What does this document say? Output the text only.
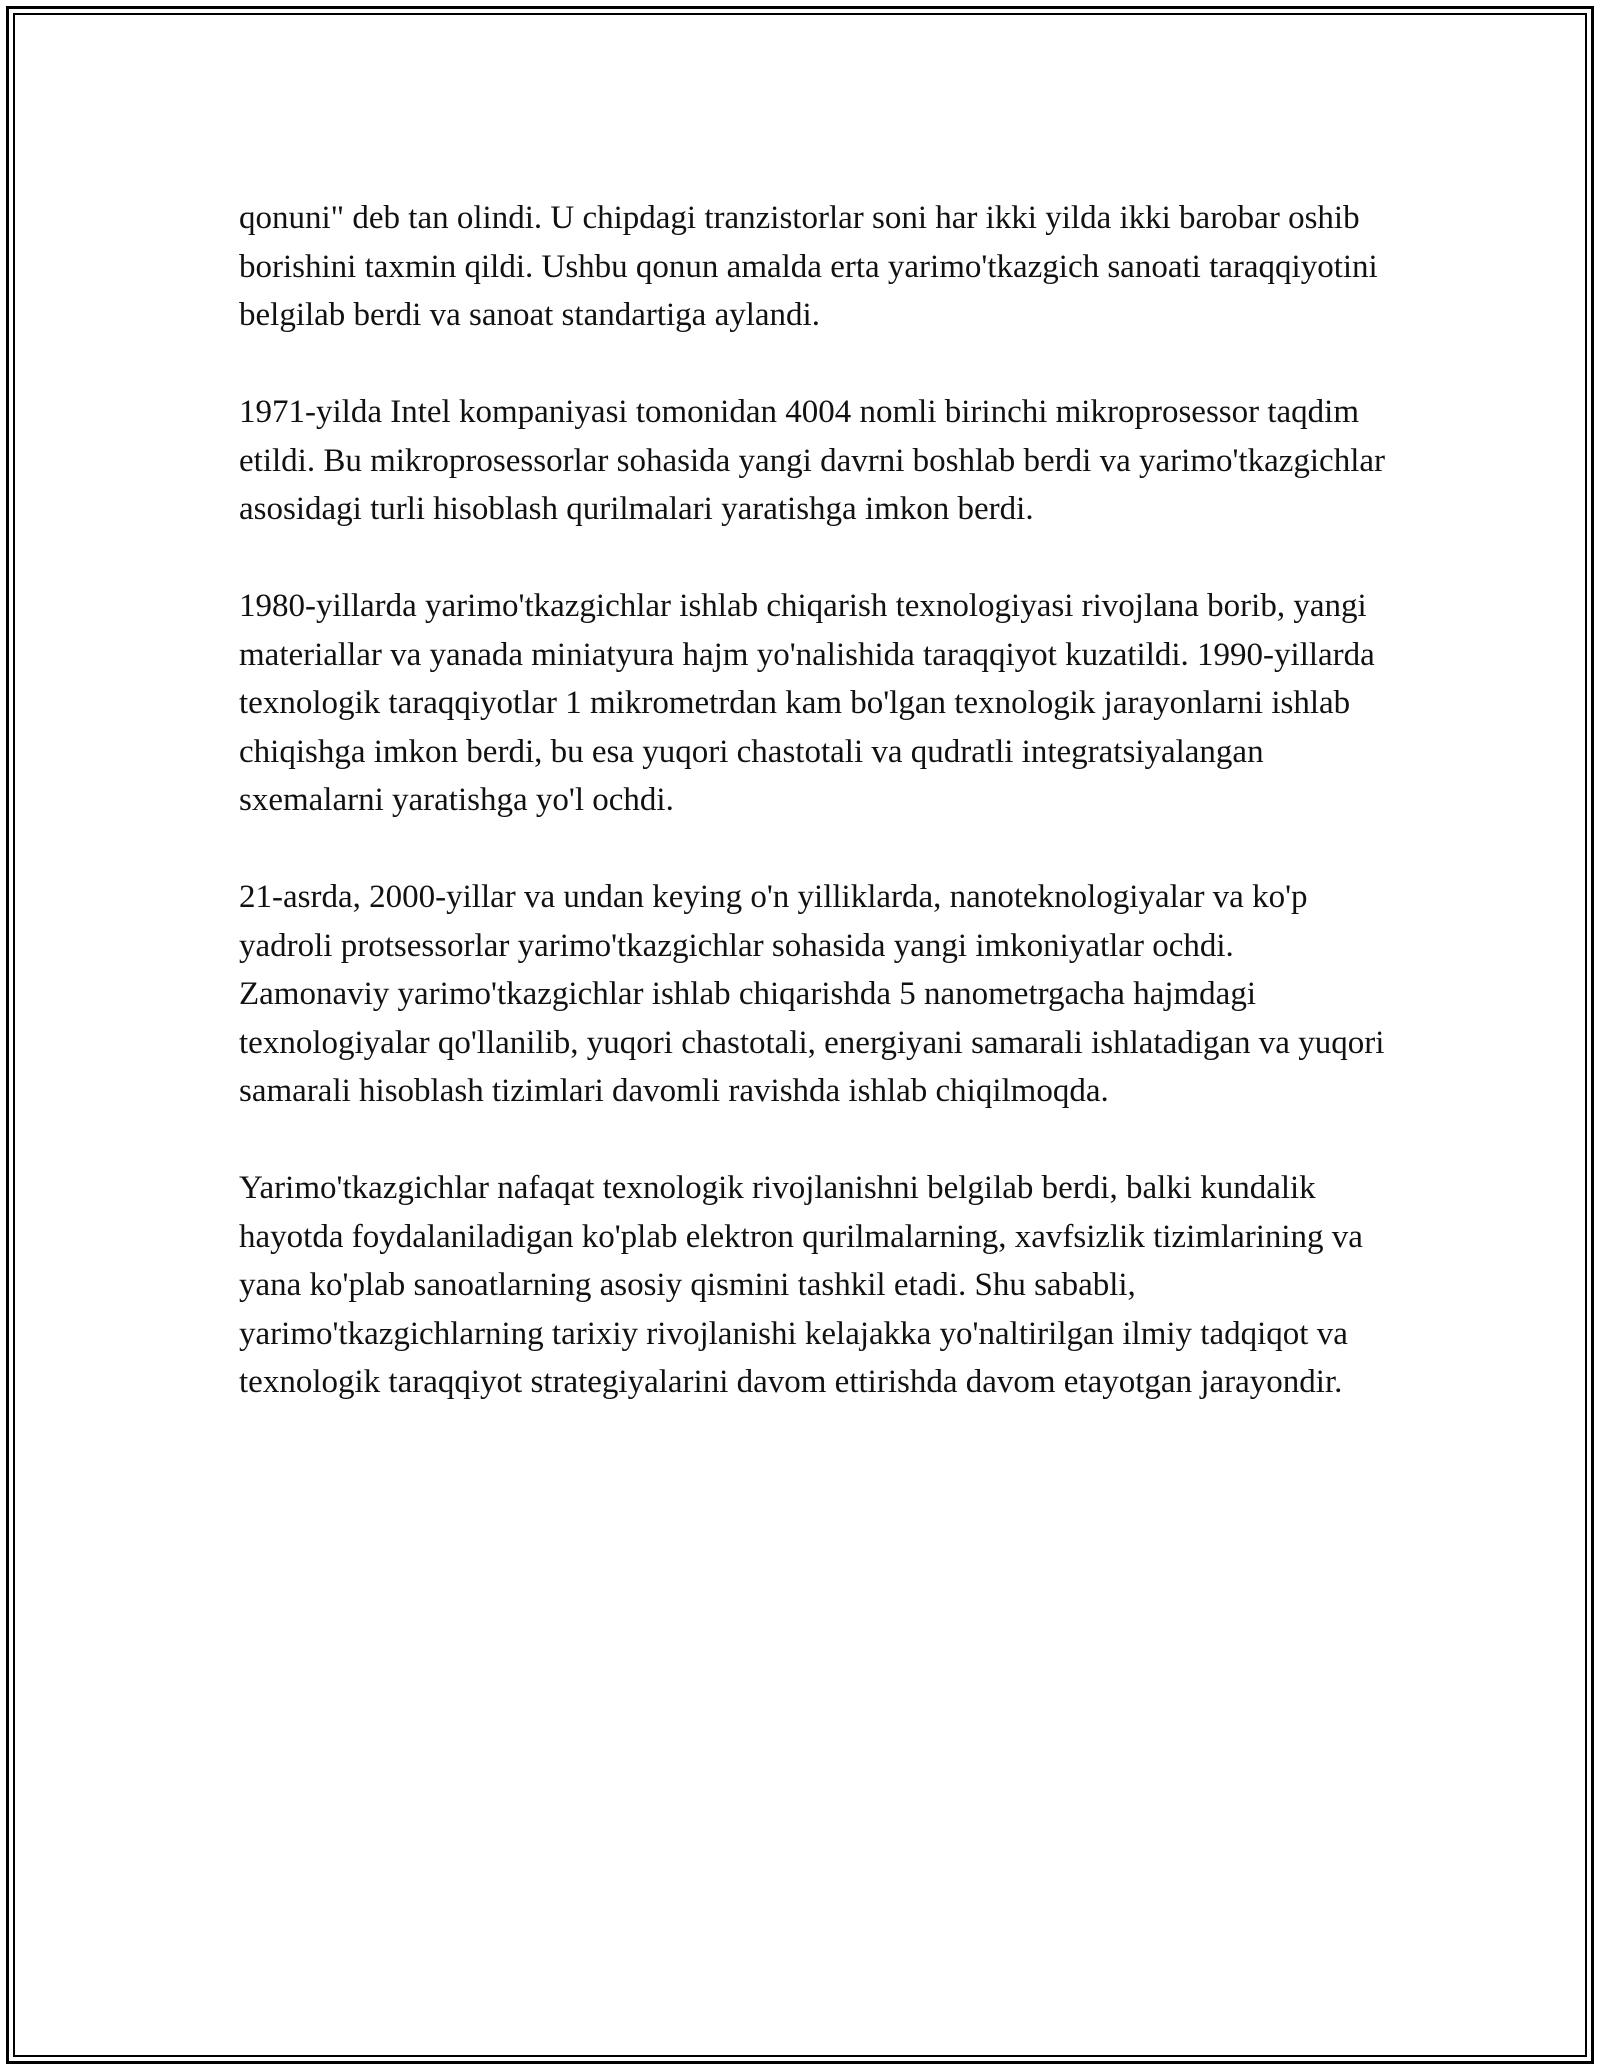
qonuni" deb tan olindi. U chipdagi tranzistorlar soni har ikki yilda ikki barobar oshib borishini taxmin qildi. Ushbu qonun amalda erta yarimo'tkazgich sanoati taraqqiyotini belgilab berdi va sanoat standartiga aylandi.

1971-yilda Intel kompaniyasi tomonidan 4004 nomli birinchi mikroprosessor taqdim etildi. Bu mikroprosessorlar sohasida yangi davrni boshlab berdi va yarimo'tkazgichlar asosidagi turli hisoblash qurilmalari yaratishga imkon berdi.

1980-yillarda yarimo'tkazgichlar ishlab chiqarish texnologiyasi rivojlana borib, yangi materiallar va yanada miniatyura hajm yo'nalishida taraqqiyot kuzatildi. 1990-yillarda texnologik taraqqiyotlar 1 mikrometrdan kam bo'lgan texnologik jarayonlarni ishlab chiqishga imkon berdi, bu esa yuqori chastotali va qudratli integratsiyalangan sxemalarni yaratishga yo'l ochdi.

21-asrda, 2000-yillar va undan keying o'n yilliklarda, nanoteknologiyalar va ko'p yadroli protsessorlar yarimo'tkazgichlar sohasida yangi imkoniyatlar ochdi. Zamonaviy yarimo'tkazgichlar ishlab chiqarishda 5 nanometrgacha hajmdagi texnologiyalar qo'llanilib, yuqori chastotali, energiyani samarali ishlatadigan va yuqori samarali hisoblash tizimlari davomli ravishda ishlab chiqilmoqda.

Yarimo'tkazgichlar nafaqat texnologik rivojlanishni belgilab berdi, balki kundalik hayotda foydalaniladigan ko'plab elektron qurilmalarning, xavfsizlik tizimlarining va yana ko'plab sanoatlarning asosiy qismini tashkil etadi. Shu sababli, yarimo'tkazgichlarning tarixiy rivojlanishi kelajakka yo'naltirilgan ilmiy tadqiqot va texnologik taraqqiyot strategiyalarini davom ettirishda davom etayotgan jarayondir.
